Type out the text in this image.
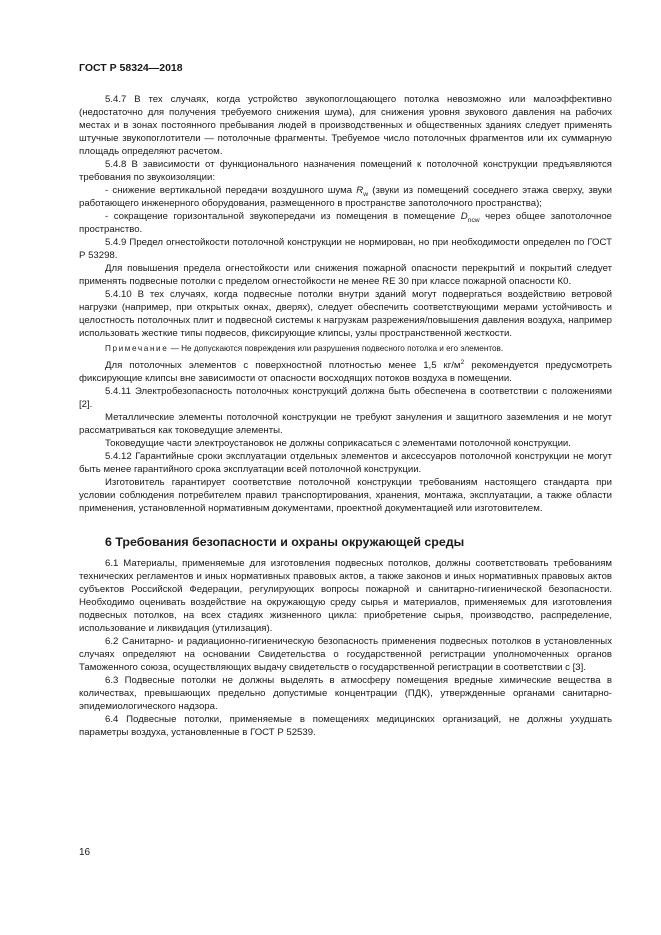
ГОСТ Р 58324—2018

5.4.7 В тех случаях, когда устройство звукопоглощающего потолка невозможно или малоэффективно (недостаточно для получения требуемого снижения шума), для снижения уровня звукового давления на рабочих местах и в зонах постоянного пребывания людей в производственных и общественных зданиях следует применять штучные звукопоглотители — потолочные фрагменты. Требуемое число потолочных фрагментов или их суммарную площадь определяют расчетом.

5.4.8 В зависимости от функционального назначения помещений к потолочной конструкции предъявляются требования по звукоизоляции:

- снижение вертикальной передачи воздушного шума $R_w$ (звуки из помещений соседнего этажа сверху, звуки работающего инженерного оборудования, размещенного в пространстве запотолочного пространства);

- сокращение горизонтальной звукопередачи из помещения в помещение $D_{ncw}$ через общее запотолочное пространство.

5.4.9 Предел огнестойкости потолочной конструкции не нормирован, но при необходимости определен по ГОСТ Р 53298.

Для повышения предела огнестойкости или снижения пожарной опасности перекрытий и покрытий следует применять подвесные потолки с пределом огнестойкости не менее RE 30 при классе пожарной опасности К0.

5.4.10 В тех случаях, когда подвесные потолки внутри зданий могут подвергаться воздействию ветровой нагрузки (например, при открытых окнах, дверях), следует обеспечить соответствующими мерами устойчивость и целостность потолочных плит и подвесной системы к нагрузкам разрежения/повышения давления воздуха, например использовать жесткие типы подвесов, фиксирующие клипсы, узлы пространственной жесткости.

Примечание — Не допускаются повреждения или разрушения подвесного потолка и его элементов.

Для потолочных элементов с поверхностной плотностью менее 1,5 $кг/м^2$ рекомендуется предусмотреть фиксирующие клипсы вне зависимости от опасности восходящих потоков воздуха в помещении.

5.4.11 Электробезопасность потолочных конструкций должна быть обеспечена в соответствии с положениями [2].

Металлические элементы потолочной конструкции не требуют зануления и защитного заземления и не могут рассматриваться как токоведущие элементы.

Токоведущие части электроустановок не должны соприкасаться с элементами потолочной конструкции.

5.4.12 Гарантийные сроки эксплуатации отдельных элементов и аксессуаров потолочной конструкции не могут быть менее гарантийного срока эксплуатации всей потолочной конструкции.

Изготовитель гарантирует соответствие потолочной конструкции требованиям настоящего стандарта при условии соблюдения потребителем правил транспортирования, хранения, монтажа, эксплуатации, а также области применения, установленной нормативным документами, проектной документацией или изготовителем.

6 Требования безопасности и охраны окружающей среды

6.1 Материалы, применяемые для изготовления подвесных потолков, должны соответствовать требованиям технических регламентов и иных нормативных правовых актов, а также законов и иных нормативных правовых актов субъектов Российской Федерации, регулирующих вопросы пожарной и санитарно-гигиенической безопасности. Необходимо оценивать воздействие на окружающую среду сырья и материалов, применяемых для изготовления подвесных потолков, на всех стадиях жизненного цикла: приобретение сырья, производство, распределение, использование и ликвидация (утилизация).

6.2 Санитарно- и радиационно-гигиеническую безопасность применения подвесных потолков в установленных случаях определяют на основании Свидетельства о государственной регистрации уполномоченных органов Таможенного союза, осуществляющих выдачу свидетельств о государственной регистрации в соответствии с [3].

6.3 Подвесные потолки не должны выделять в атмосферу помещения вредные химические вещества в количествах, превышающих предельно допустимые концентрации (ПДК), утвержденные органами санитарно-эпидемиологического надзора.

6.4 Подвесные потолки, применяемые в помещениях медицинских организаций, не должны ухудшать параметры воздуха, установленные в ГОСТ Р 52539.

16
